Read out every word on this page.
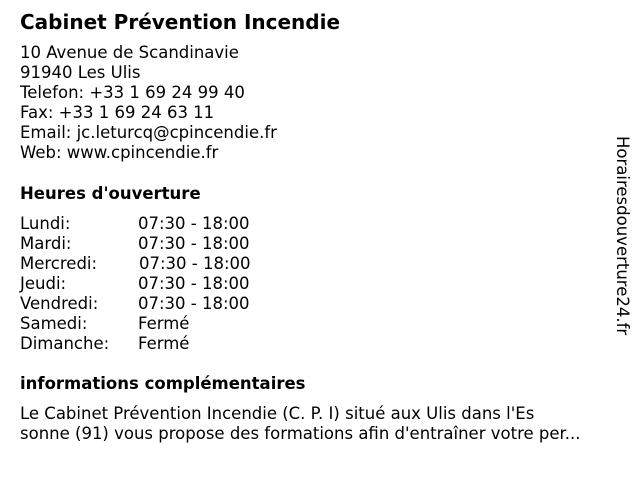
Cabinet Prévention Incendie
10 Avenue de Scandinavie
91940 Les Ulis
Telefon: +33 1 69 24 99 40
Fax: +33 1 69 24 63 11
Email: jc.leturcq@cpincendie.fr
Web: www.cpincendie.fr
Heures d'ouverture
Lundi:	07:30 - 18:00
Mardi:	07:30 - 18:00
Mercredi:	07:30 - 18:00
Jeudi:	07:30 - 18:00
Vendredi: 07:30 - 18:00
Samedi:	Fermé
Dimanche: Fermé
informations complémentaires
Le Cabinet Prévention Incendie (C. P. I) situé aux Ulis dans l'Es
sonne (91) vous propose des formations afin d'entraîner votre per...
Horairesdouverture24.fr
